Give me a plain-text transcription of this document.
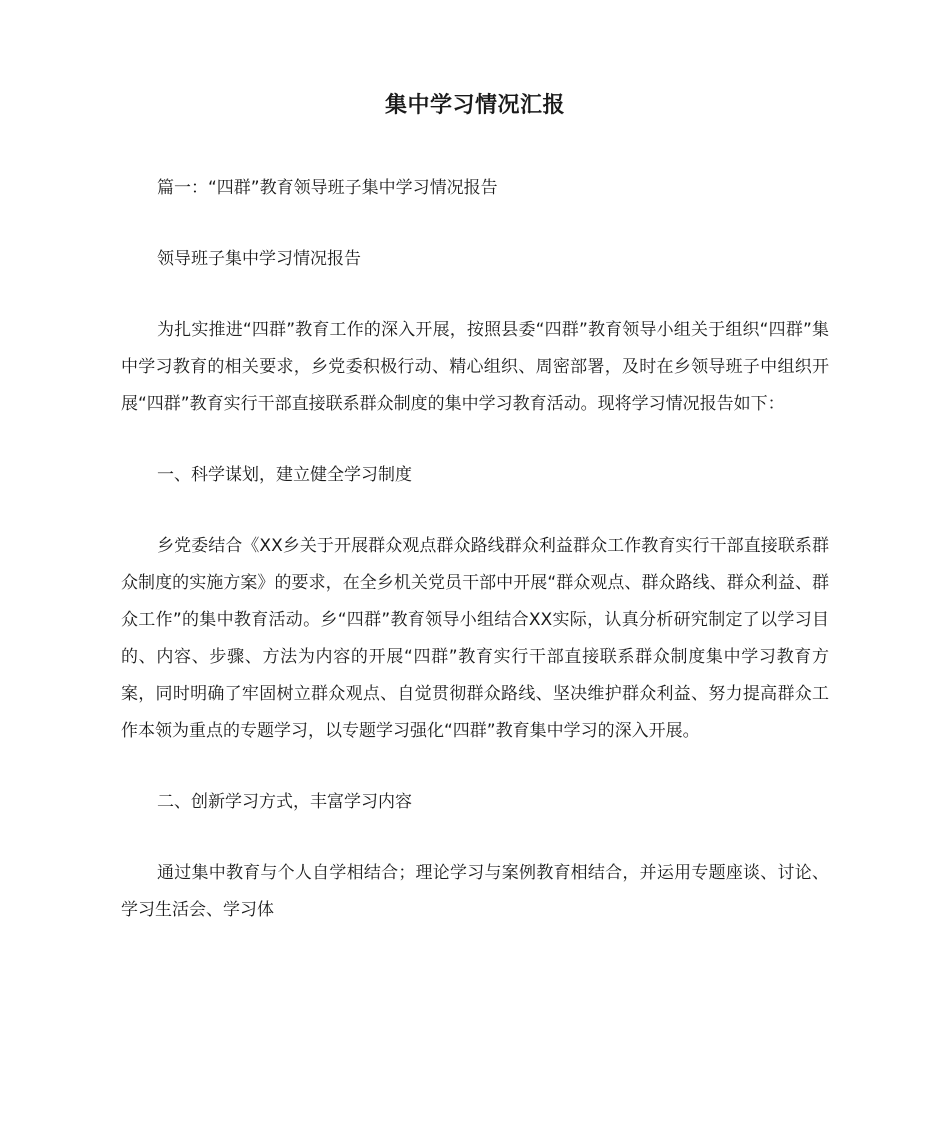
集中学习情况汇报

篇一：“四群”教育领导班子集中学习情况报告

领导班子集中学习情况报告

为扎实推进“四群”教育工作的深入开展，按照县委“四群”教育领导小组关于组织“四群”集中学习教育的相关要求，乡党委积极行动、精心组织、周密部署，及时在乡领导班子中组织开展“四群”教育实行干部直接联系群众制度的集中学习教育活动。现将学习情况报告如下：

一、科学谋划，建立健全学习制度

乡党委结合《XX乡关于开展群众观点群众路线群众利益群众工作教育实行干部直接联系群众制度的实施方案》的要求，在全乡机关党员干部中开展“群众观点、群众路线、群众利益、群众工作”的集中教育活动。乡“四群”教育领导小组结合XX实际，认真分析研究制定了以学习目的、内容、步骤、方法为内容的开展“四群”教育实行干部直接联系群众制度集中学习教育方案，同时明确了牢固树立群众观点、自觉贯彻群众路线、坚决维护群众利益、努力提高群众工作本领为重点的专题学习，以专题学习强化“四群”教育集中学习的深入开展。

二、创新学习方式，丰富学习内容

通过集中教育与个人自学相结合；理论学习与案例教育相结合，并运用专题座谈、讨论、学习生活会、学习体
